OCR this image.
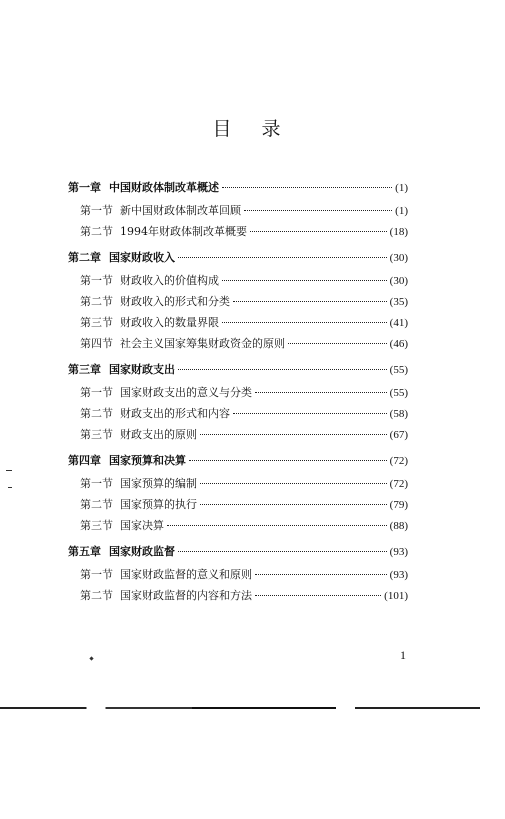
目 录
第一章 中国财政体制改革概述	(1)
第一节 新中国财政体制改革回顾	(1)
第二节 1994年财政体制改革概要	(18)
第二章 国家财政收入	(30)
第一节 财政收入的价值构成	(30)
第二节 财政收入的形式和分类	(35)
第三节 财政收入的数量界限	(41)
第四节 社会主义国家筹集财政资金的原则	(46)
第三章 国家财政支出	(55)
第一节 国家财政支出的意义与分类	(55)
第二节 财政支出的形式和内容	(58)
第三节 财政支出的原则	(67)
第四章 国家预算和决算	(72)
第一节 国家预算的编制	(72)
第二节 国家预算的执行	(79)
第三节 国家决算	(88)
第五章 国家财政监督	(93)
第一节 国家财政监督的意义和原则	(93)
第二节 国家财政监督的内容和方法	(101)
1
